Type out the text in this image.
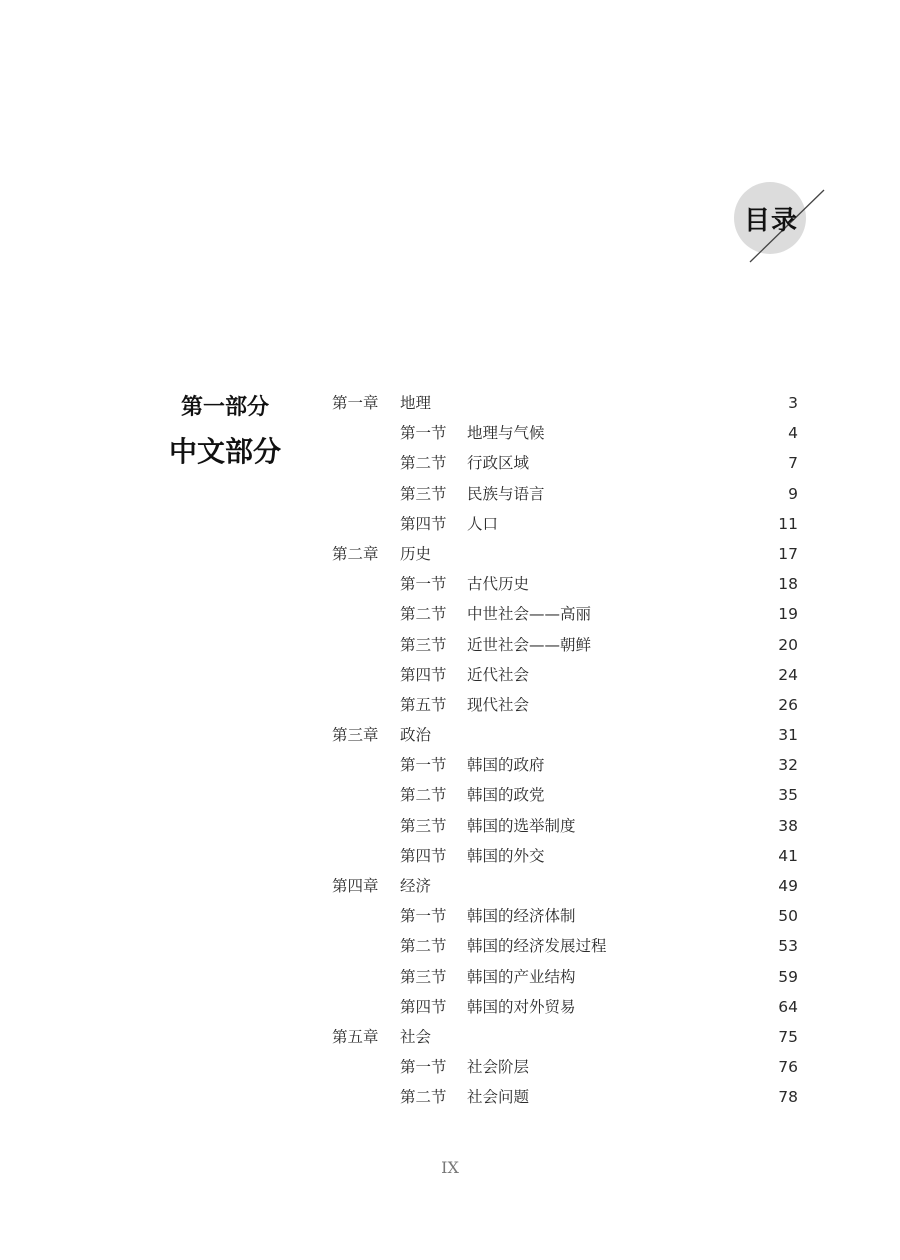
目录
第一部分
中文部分
第一章 地理	3
第一节 地理与气候	4
第二节 行政区域	7
第三节 民族与语言	9
第四节 人口	11
第二章 历史	17
第一节 古代历史	18
第二节 中世社会——高丽	19
第三节 近世社会——朝鲜	20
第四节 近代社会	24
第五节 现代社会	26
第三章 政治	31
第一节 韩国的政府	32
第二节 韩国的政党	35
第三节 韩国的选举制度	38
第四节 韩国的外交	41
第四章 经济	49
第一节 韩国的经济体制	50
第二节 韩国的经济发展过程	53
第三节 韩国的产业结构	59
第四节 韩国的对外贸易	64
第五章 社会	75
第一节 社会阶层	76
第二节 社会问题	78
IX
